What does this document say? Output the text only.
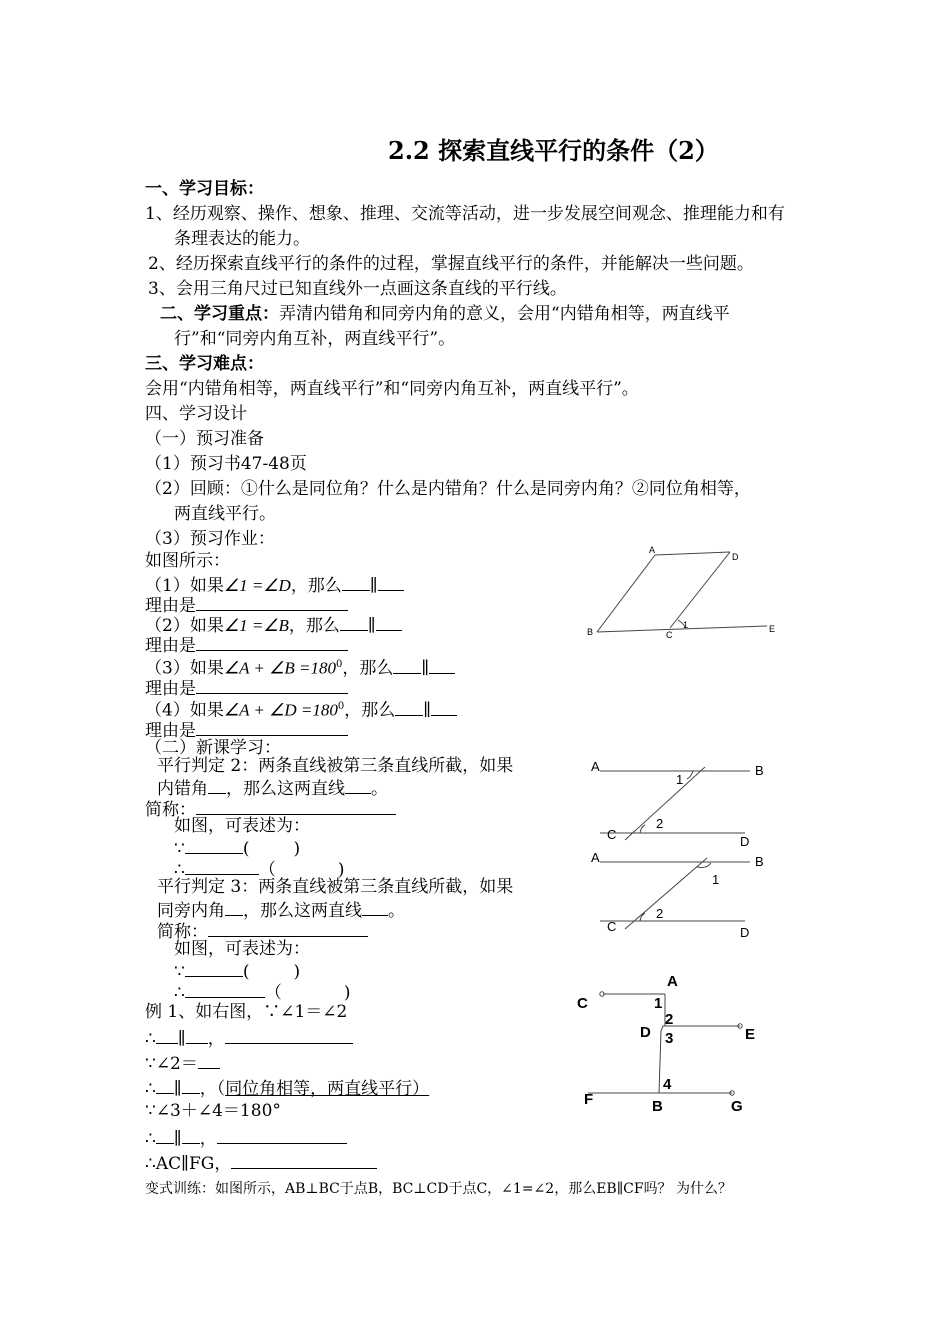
2.2 探索直线平行的条件（2）
一、学习目标：
1、经历观察、操作、想象、推理、交流等活动，进一步发展空间观念、推理能力和有
条理表达的能力。
2、经历探索直线平行的条件的过程，掌握直线平行的条件，并能解决一些问题。
3、会用三角尺过已知直线外一点画这条直线的平行线。
二、学习重点：弄清内错角和同旁内角的意义，会用“内错角相等，两直线平
行”和“同旁内角互补，两直线平行”。
三、学习难点：
会用“内错角相等，两直线平行”和“同旁内角互补，两直线平行”。
四、学习设计
（一）预习准备
（1）预习书47-48页
（2）回顾：①什么是同位角？什么是内错角？什么是同旁内角？②同位角相等，
两直线平行。
（3）预习作业：
如图所示：
（1）如果∠1 =∠D，那么 ∥
理由是
（2）如果∠1 =∠B，那么 ∥
理由是
（3）如果∠A + ∠B $=180^0$，那么 ∥
理由是
（4）如果∠A + ∠D $=180^0$，那么 ∥
理由是
（二）新课学习：
平行判定 2：两条直线被第三条直线所截，如果
内错角 ，那么这两直线 。
简称：
如图，可表述为：
∵	(	)
∴	（	)
平行判定 3：两条直线被第三条直线所截，如果
同旁内角 ，那么这两直线 。
简称：
如图，可表述为：
∵	(	)
∴	（	)
例 1、如右图，∵∠1＝∠2
∴ ∥ ，
∵∠2＝
∴ ∥ ，（同位角相等，两直线平行）
∵∠3＋∠4＝180°
∴ ∥ ，
∴AC∥FG，
变式训练：如图所示，AB⊥BC于点B，BC⊥CD于点C，∠1=∠2，那么EB∥CF吗？ 为什么？
A
D
B	C
E
1
A	B
1
C
2
D
A	B
1
C
2
D
A
C	1
2
D 3	E
4
F	B	G
